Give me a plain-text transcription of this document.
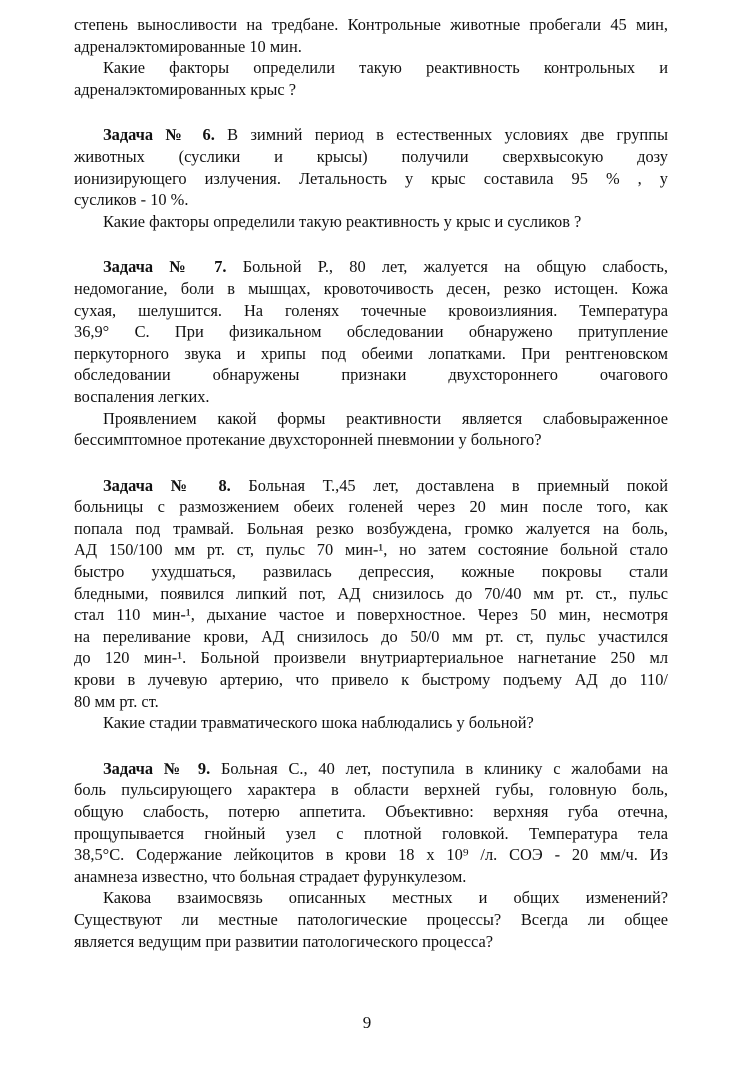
степень выносливости на тредбане. Контрольные животные пробегали 45 мин,
адреналэктомированные 10 мин.

Какие факторы определили такую реактивность контрольных и
адреналэктомированных крыс ?

Задача № 6. В зимний период в естественных условиях две группы
животных (суслики и крысы) получили сверхвысокую дозу
ионизирующего излучения. Летальность у крыс составила 95 % , у
сусликов - 10 %.

Какие факторы определили такую реактивность у крыс и сусликов ?

Задача № 7. Больной Р., 80 лет, жалуется на общую слабость,
недомогание, боли в мышцах, кровоточивость десен, резко истощен. Кожа
сухая, шелушится. На голенях точечные кровоизлияния. Температура
36,9° С. При физикальном обследовании обнаружено притупление
перкуторного звука и хрипы под обеими лопатками. При рентгеновском
обследовании обнаружены признаки двухстороннего очагового
воспаления легких.

Проявлением какой формы реактивности является слабовыраженное
бессимптомное протекание двухсторонней пневмонии у больного?

Задача № 8. Больная Т.,45 лет, доставлена в приемный покой
больницы с размозжением обеих голеней через 20 мин после того, как
попала под трамвай. Больная резко возбуждена, громко жалуется на боль,
АД 150/100 мм рт. ст, пульс 70 мин-¹, но затем состояние больной стало
быстро ухудшаться, развилась депрессия, кожные покровы стали
бледными, появился липкий пот, АД снизилось до 70/40 мм рт. ст., пульс
стал 110 мин-¹, дыхание частое и поверхностное. Через 50 мин, несмотря
на переливание крови, АД снизилось до 50/0 мм рт. ст, пульс участился
до 120 мин-¹. Больной произвели внутриартериальное нагнетание 250 мл
крови в лучевую артерию, что привело к быстрому подъему АД до 110/
80 мм рт. ст.

Какие стадии травматического шока наблюдались у больной?

Задача № 9. Больная С., 40 лет, поступила в клинику с жалобами на
боль пульсирующего характера в области верхней губы, головную боль,
общую слабость, потерю аппетита. Объективно: верхняя губа отечна,
прощупывается гнойный узел с плотной головкой. Температура тела
38,5°С. Содержание лейкоцитов в крови 18 х 10⁹ /л. СОЭ - 20 мм/ч. Из
анамнеза известно, что больная страдает фурункулезом.

Какова взаимосвязь описанных местных и общих изменений?
Существуют ли местные патологические процессы? Всегда ли общее
является ведущим при развитии патологического процесса?

9
